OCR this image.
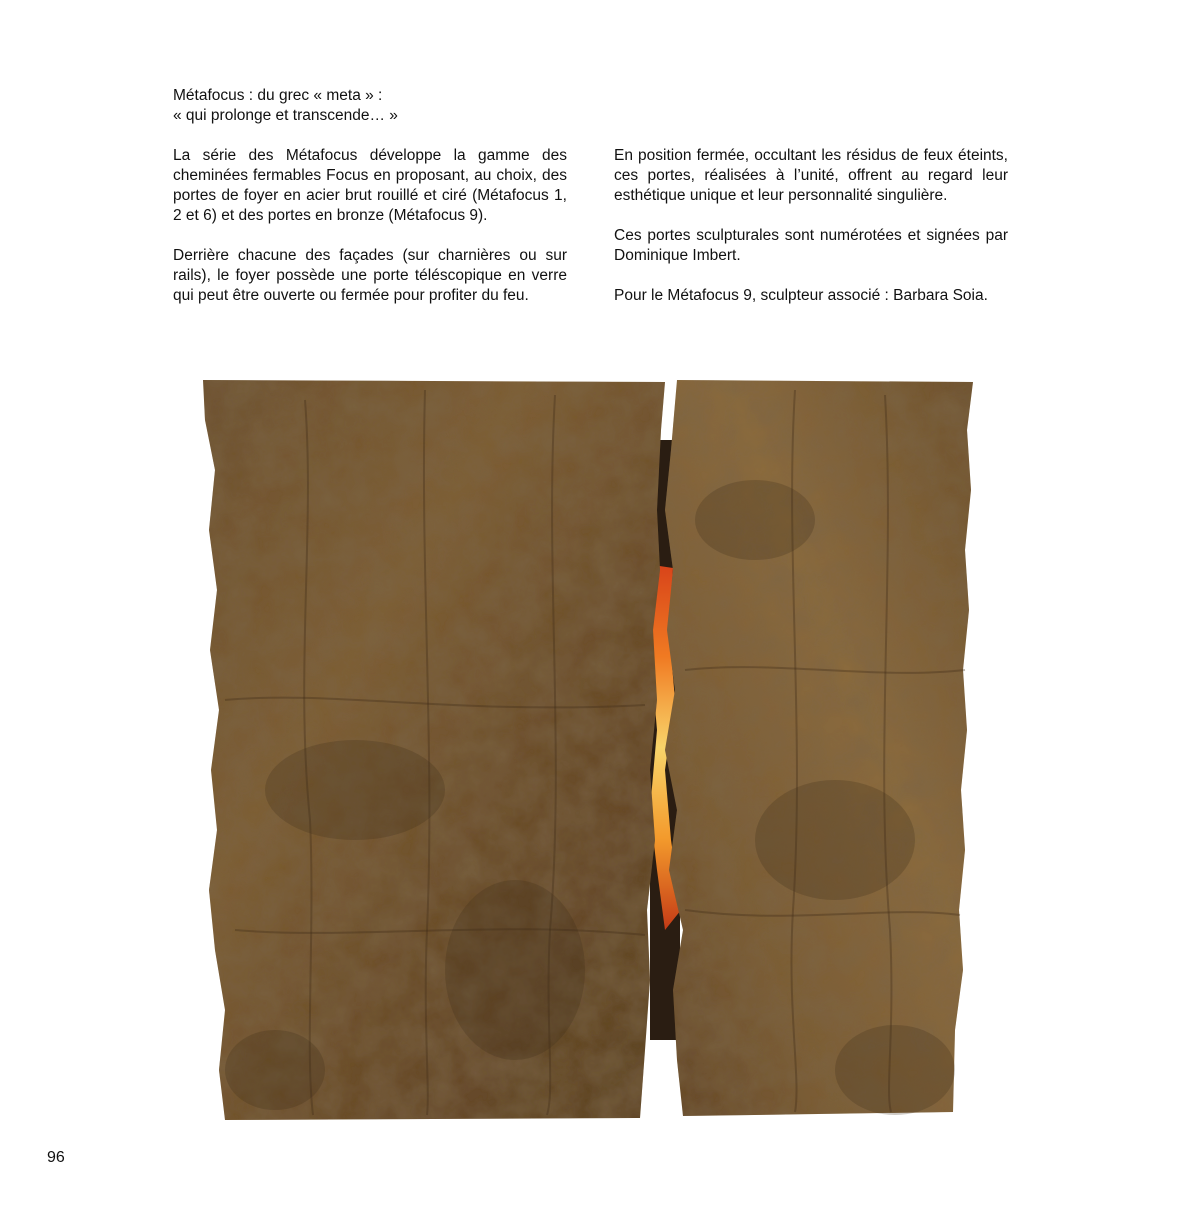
Métafocus : du grec « meta » :
« qui prolonge et transcende… »

La série des Métafocus développe la gamme des cheminées fermables Focus en proposant, au choix, des portes de foyer en acier brut rouillé et ciré (Métafocus 1, 2 et 6) et des portes en bronze (Métafocus 9).

Derrière chacune des façades (sur charnières ou sur rails), le foyer possède une porte téléscopique en verre qui peut être ouverte ou fermée pour profiter du feu.

En position fermée, occultant les résidus de feux éteints, ces portes, réalisées à l’unité, offrent au regard leur esthétique unique et leur personnalité singulière.

Ces portes sculpturales sont numérotées et signées par Dominique Imbert.

Pour le Métafocus 9, sculpteur associé : Barbara Soia.

96
